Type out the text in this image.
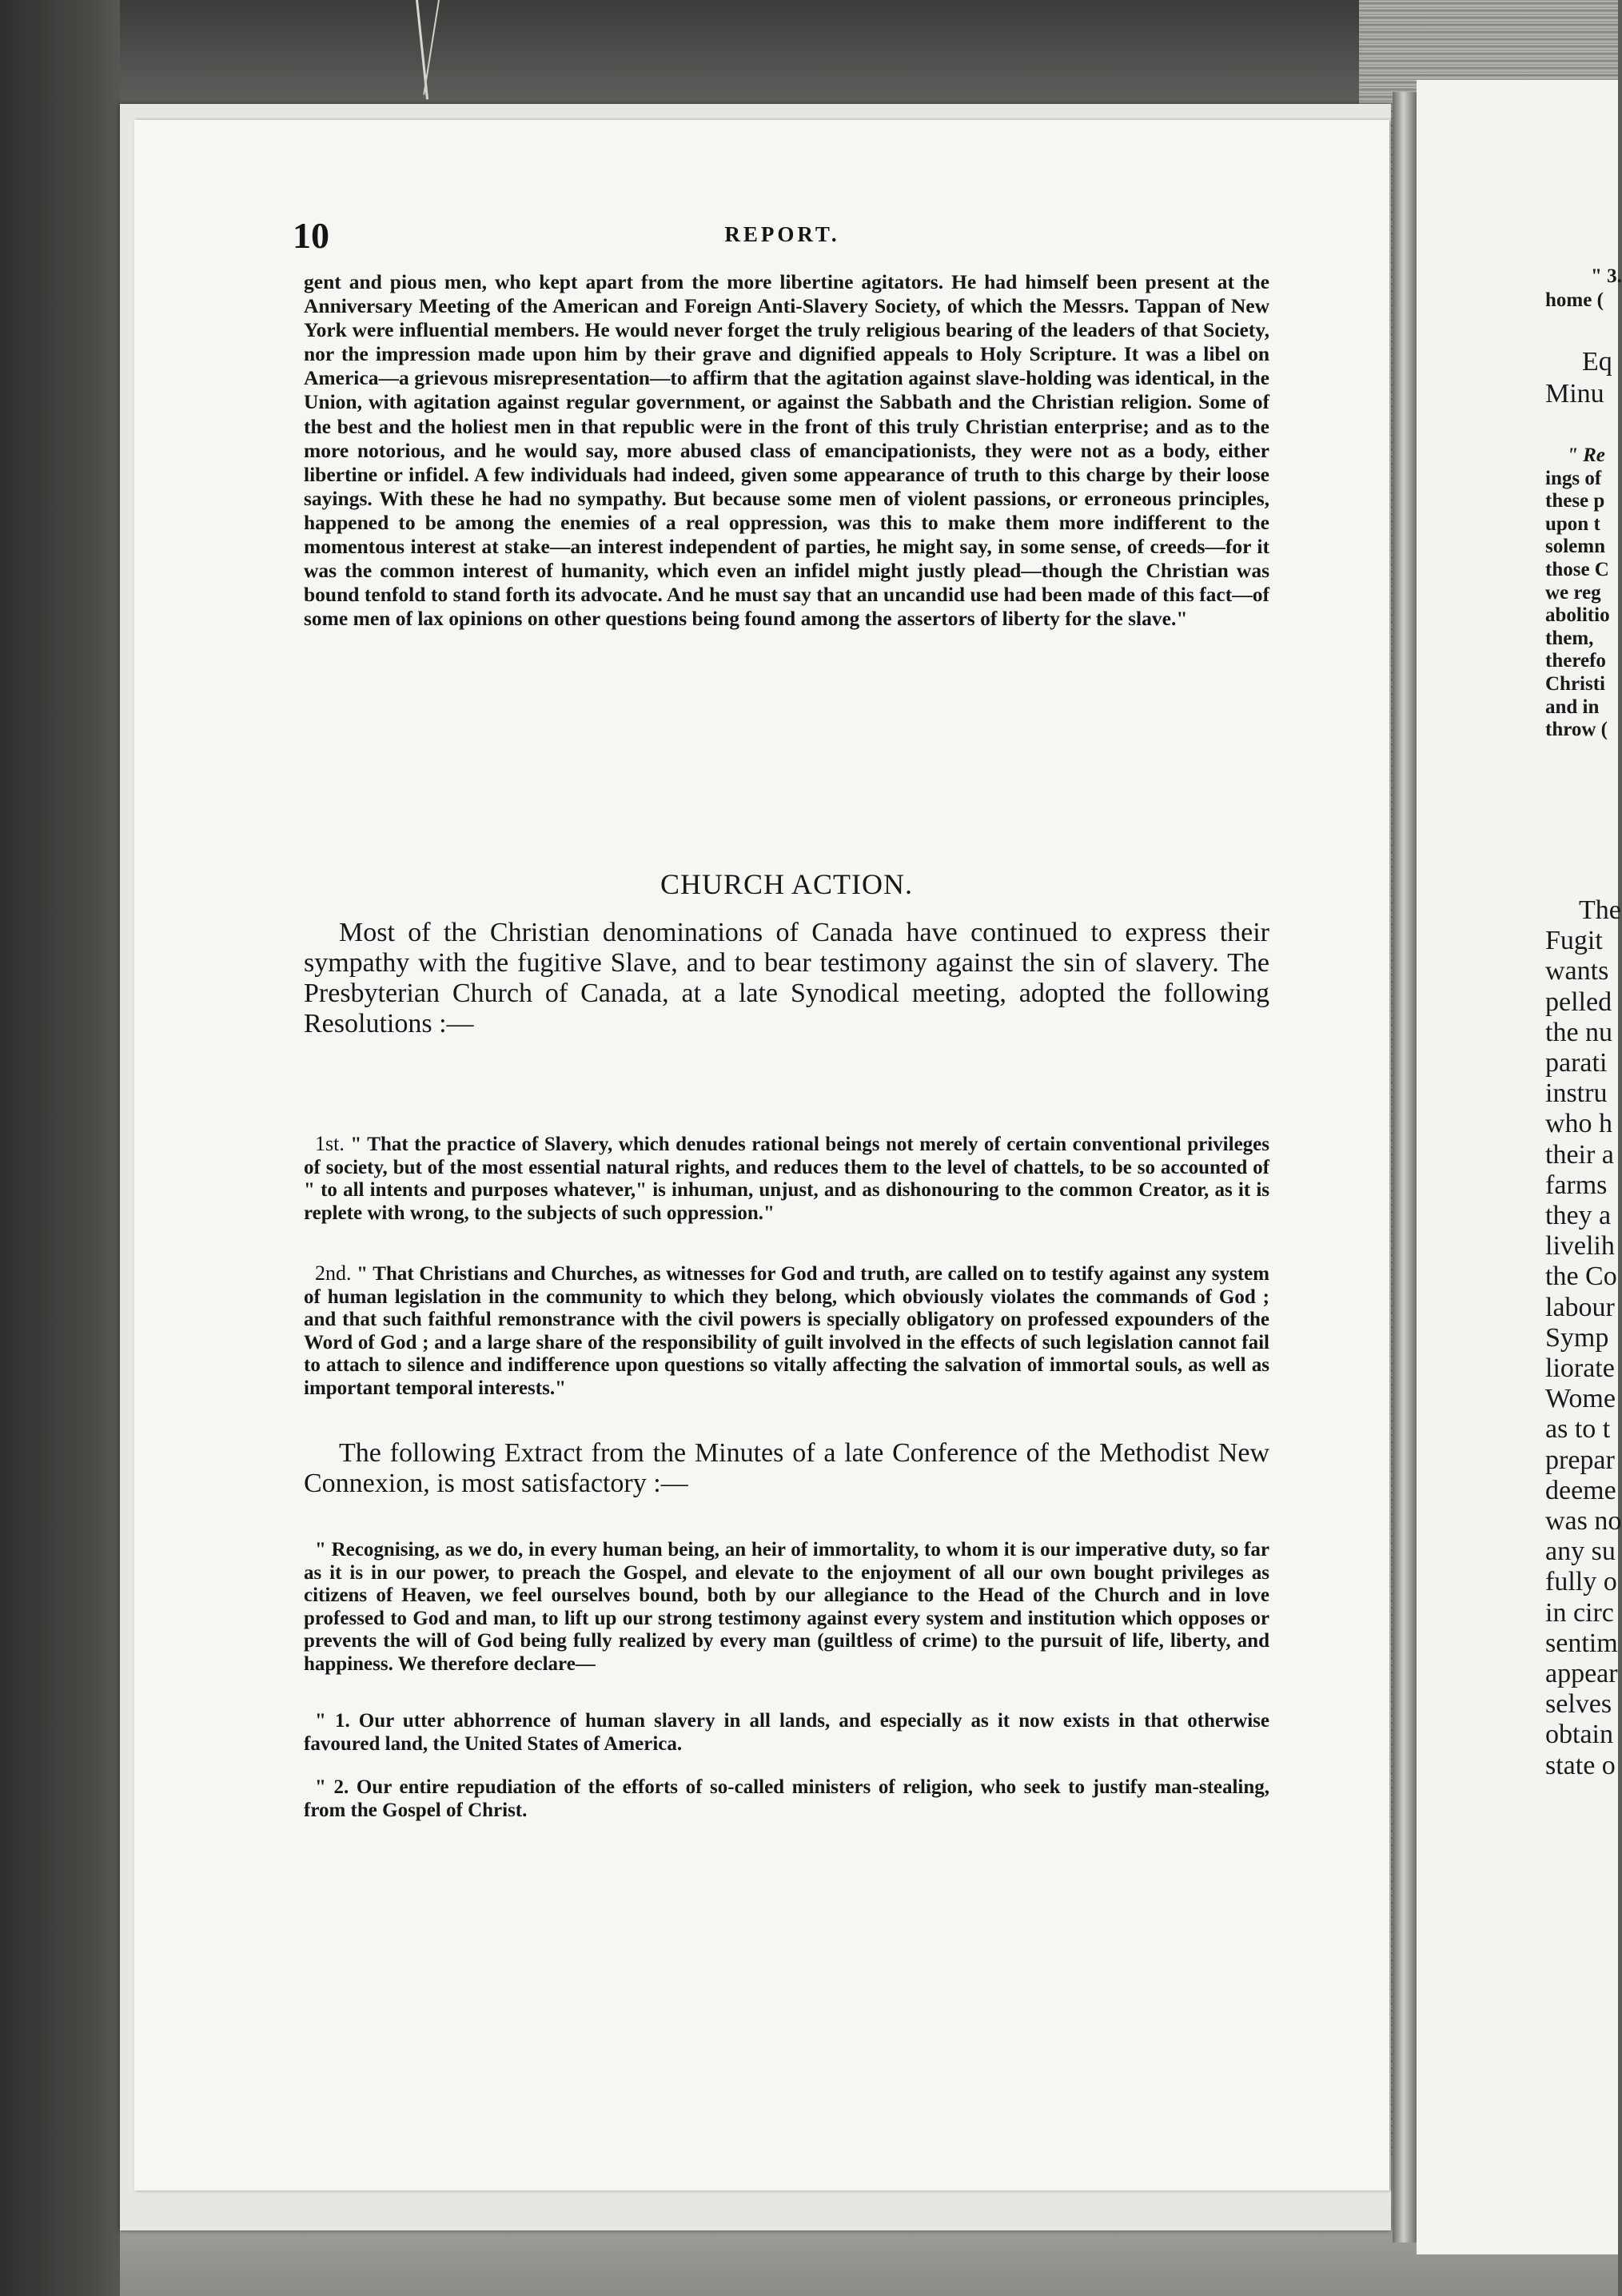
10	REPORT.

gent and pious men, who kept apart from the more libertine agitators. He had himself been present at the Anniversary Meeting of the American and Foreign Anti-Slavery Society, of which the Messrs. Tappan of New York were influential members. He would never forget the truly religious bearing of the leaders of that Society, nor the impression made upon him by their grave and dignified appeals to Holy Scripture. It was a libel on America—a grievous misrepresentation—to affirm that the agitation against slave-holding was identical, in the Union, with agitation against regular government, or against the Sabbath and the Christian religion. Some of the best and the holiest men in that republic were in the front of this truly Christian enterprise; and as to the more notorious, and he would say, more abused class of emancipationists, they were not as a body, either libertine or infidel. A few individuals had indeed, given some appearance of truth to this charge by their loose sayings. With these he had no sympathy. But because some men of violent passions, or erroneous principles, happened to be among the enemies of a real oppression, was this to make them more indifferent to the momentous interest at stake—an interest independent of parties, he might say, in some sense, of creeds—for it was the common interest of humanity, which even an infidel might justly plead—though the Christian was bound tenfold to stand forth its advocate. And he must say that an uncandid use had been made of this fact—of some men of lax opinions on other questions being found among the assertors of liberty for the slave."

CHURCH ACTION.

Most of the Christian denominations of Canada have continued to express their sympathy with the fugitive Slave, and to bear testimony against the sin of slavery. The Presbyterian Church of Canada, at a late Synodical meeting, adopted the following Resolutions :—

1st. " That the practice of Slavery, which denudes rational beings not merely of certain conventional privileges of society, but of the most essential natural rights, and reduces them to the level of chattels, to be so accounted of " to all intents and purposes whatever," is inhuman, unjust, and as dishonouring to the common Creator, as it is replete with wrong, to the subjects of such oppression."

2nd. " That Christians and Churches, as witnesses for God and truth, are called on to testify against any system of human legislation in the community to which they belong, which obviously violates the commands of God ; and that such faithful remonstrance with the civil powers is specially obligatory on professed expounders of the Word of God ; and a large share of the responsibility of guilt involved in the effects of such legislation cannot fail to attach to silence and indifference upon questions so vitally affecting the salvation of immortal souls, as well as important temporal interests."

The following Extract from the Minutes of a late Conference of the Methodist New Connexion, is most satisfactory :—

" Recognising, as we do, in every human being, an heir of immortality, to whom it is our imperative duty, so far as it is in our power, to preach the Gospel, and elevate to the enjoyment of all our own bought privileges as citizens of Heaven, we feel ourselves bound, both by our allegiance to the Head of the Church and in love professed to God and man, to lift up our strong testimony against every system and institution which opposes or prevents the will of God being fully realized by every man (guiltless of crime) to the pursuit of life, liberty, and happiness. We therefore declare—

" 1. Our utter abhorrence of human slavery in all lands, and especially as it now exists in that otherwise favoured land, the United States of America.

" 2. Our entire repudiation of the efforts of so-called ministers of religion, who seek to justify man-stealing, from the Gospel of Christ.

" 3.
home (
Eq
Minu
" Re
ings of
these p
upon t
solemn
those C
we reg
abolitio
them,
therefo
Christi
and in
throw (
The
Fugit
wants
pelled
the nu
parati
instru
who h
their a
farms
they a
livelih
the Co
labour
Symp
liorate
Wome
as to t
prepar
deeme
was no
any su
fully o
in circ
sentim
appear
selves
obtain
state o
